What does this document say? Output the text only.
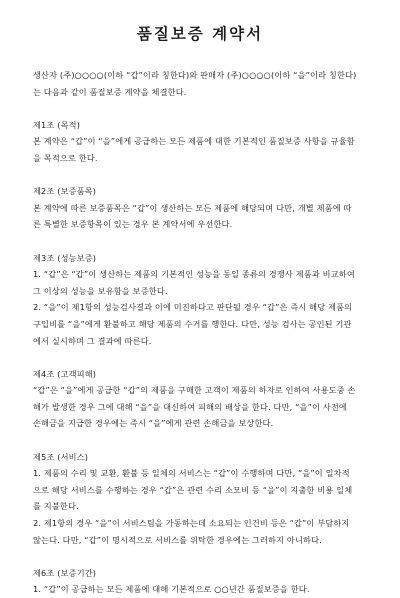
품질보증 계약서

생산자 (주)○○○○(이하 “갑”이라 칭한다)와 판매자 (주)○○○○(이하 “을”이라 칭한다)
는 다음과 같이 품질보증 계약을 체결한다.

제1조 (목적)

본 계약은 “갑”이 “을”에게 공급하는 모든 제품에 대한 기본적인 품질보증 사항을 규율함
을 목적으로 한다.

제2조 (보증품목)

본 계약에 따른 보증품목은 “갑”이 생산하는 모든 제품에 해당되며 다만, 개별 제품에 따
른 특별한 보증항목이 있는 경우 본 계약서에 우선한다.

제3조 (성능보증)

1. “갑”은 “갑”이 생산하는 제품의 기본적인 성능을 동일 종류의 경쟁사 제품과 비교하여
그 이상의 성능을 보유함을 보증한다.
2. “을”이 제1항의 성능검사결과 이에 미진하다고 판단될 경우 “갑”은 즉시 해당 제품의
구입비를 “을”에게 환불하고 해당 제품의 수거를 행한다. 다만, 성능 검사는 공인된 기관
에서 실시하며 그 결과에 따른다.

제4조 (고객피해)

“갑”은 “을”에게 공급한 “갑”의 제품을 구매한 고객이 제품의 하자로 인하여 사용도중 손
해가 발생한 경우 그에 대해 “을”을 대신하여 피해의 배상을 한다. 다만, “을”이 사전에
손해금을 지급한 경우에는 즉시 “을”에게 관련 손해금을 보상한다.

제5조 (서비스)

1. 제품의 수리 및 교환, 환불 등 일체의 서비스는 “갑”이 수행하며 다만, “을”이 일차적
으로 해당 서비스를 수행하는 경우 “갑”은 관련 수리 소모비 등 “을”이 지출한 비용 일체
를 지불한다.
2. 제1항의 경우 “을”이 서비스팀을 가동하는데 소요되는 인건비 등은 “갑”이 부담하지
않는다. 다만, “갑”이 명시적으로 서비스를 위탁한 경우에는 그러하지 아니하다.

제6조 (보증기간)

1. “갑”이 공급하는 모든 제품에 대해 기본적으로 ○○년간 품질보증을 한다.
